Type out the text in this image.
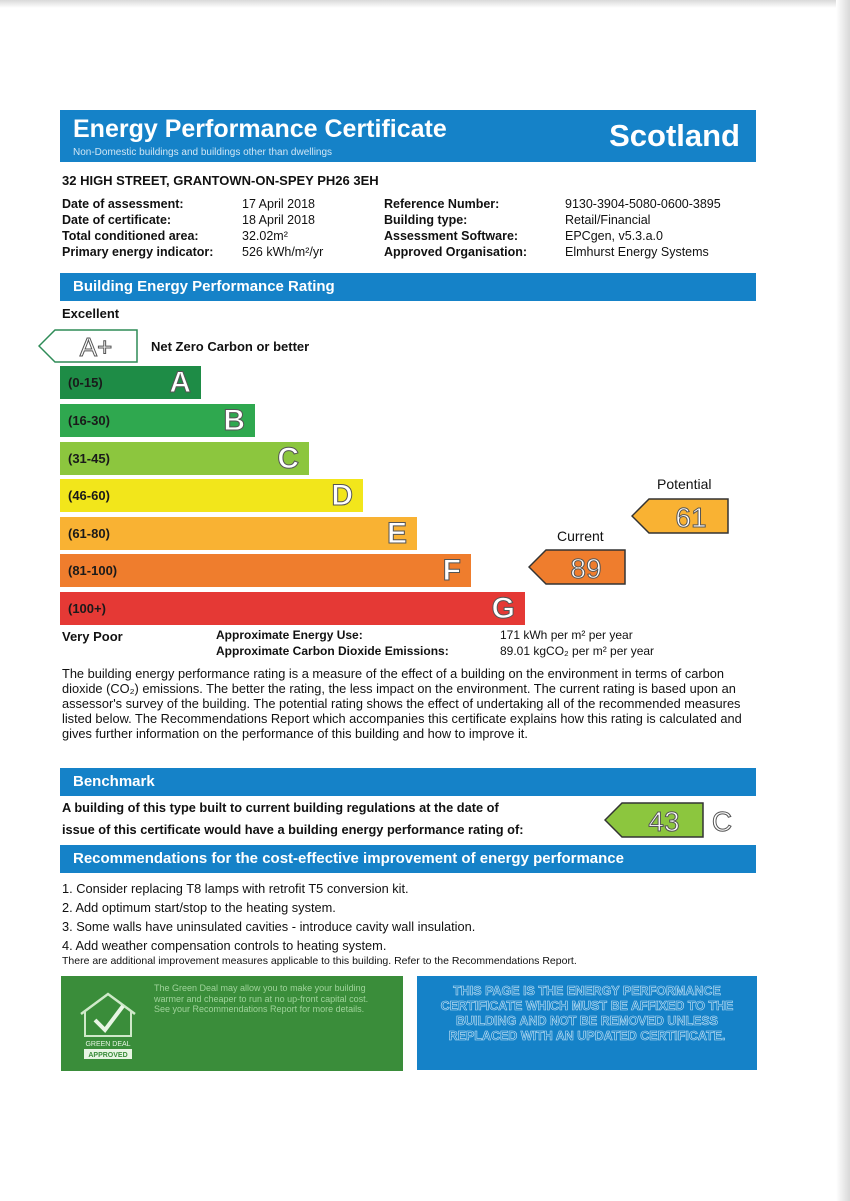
Energy Performance Certificate
Non-Domestic buildings and buildings other than dwellings	Scotland
32 HIGH STREET, GRANTOWN-ON-SPEY PH26 3EH
Date of assessment:	17 April 2018
Date of certificate:	18 April 2018
Total conditioned area:	32.02m²
Primary energy indicator: 526 kWh/m²/yr
Reference Number:	9130-3904-5080-0600-3895
Building type:	Retail/Financial
Assessment Software:	EPCgen, v5.3.a.0
Approved Organisation:	Elmhurst Energy Systems
Building Energy Performance Rating
Excellent
A+	Net Zero Carbon or better
(0-15) A
(16-30)	B
(31-45)	C
(46-60)	D
(61-80)	E
(81-100)	F
(100+)	G
Potential
61
Current
89
Very Poor	Approximate Energy Use:	171 kWh per m² per year
Approximate Carbon Dioxide Emissions:	89.01 kgCO₂ per m² per year
The building energy performance rating is a measure of the effect of a building on the environment in terms of carbon dioxide (CO₂) emissions. The better the rating, the less impact on the environment. The current rating is based upon an assessor's survey of the building. The potential rating shows the effect of undertaking all of the recommended measures listed below. The Recommendations Report which accompanies this certificate explains how this rating is calculated and gives further information on the performance of this building and how to improve it.
Benchmark
A building of this type built to current building regulations at the date of
issue of this certificate would have a building energy performance rating of:	43 C
Recommendations for the cost-effective improvement of energy performance
1. Consider replacing T8 lamps with retrofit T5 conversion kit.
2. Add optimum start/stop to the heating system.
3. Some walls have uninsulated cavities - introduce cavity wall insulation.
4. Add weather compensation controls to heating system.
There are additional improvement measures applicable to this building. Refer to the Recommendations Report.
GREEN DEAL
APPROVED
The Green Deal may allow you to make your building warmer and cheaper to run at no up-front capital cost. See your Recommendations Report for more details.
THIS PAGE IS THE ENERGY PERFORMANCE CERTIFICATE WHICH MUST BE AFFIXED TO THE BUILDING AND NOT BE REMOVED UNLESS REPLACED WITH AN UPDATED CERTIFICATE.
